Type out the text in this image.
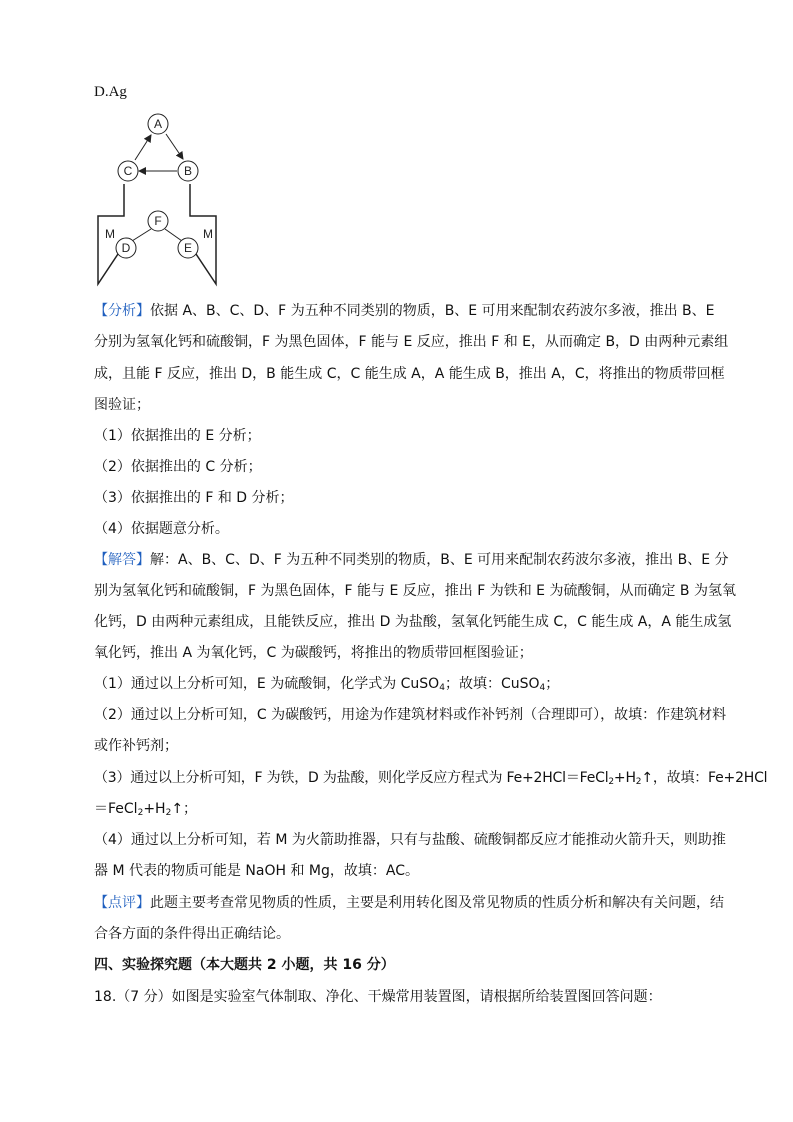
D.Ag
A
B
C
D	E
F
M	M
【分析】依据 A、B、C、D、F 为五种不同类别的物质，B、E 可用来配制农药波尔多液，推出 B、E
分别为氢氧化钙和硫酸铜，F 为黑色固体，F 能与 E 反应，推出 F 和 E，从而确定 B，D 由两种元素组
成，且能 F 反应，推出 D，B 能生成 C，C 能生成 A，A 能生成 B，推出 A，C，将推出的物质带回框
图验证；
（1）依据推出的 E 分析；
（2）依据推出的 C 分析；
（3）依据推出的 F 和 D 分析；
（4）依据题意分析。
【解答】解：A、B、C、D、F 为五种不同类别的物质，B、E 可用来配制农药波尔多液，推出 B、E 分
别为氢氧化钙和硫酸铜，F 为黑色固体，F 能与 E 反应，推出 F 为铁和 E 为硫酸铜，从而确定 B 为氢氧
化钙，D 由两种元素组成，且能铁反应，推出 D 为盐酸，氢氧化钙能生成 C，C 能生成 A，A 能生成氢
氧化钙，推出 A 为氧化钙，C 为碳酸钙，将推出的物质带回框图验证；
（1）通过以上分析可知，E 为硫酸铜，化学式为 CuSO$_4$；故填：CuSO$_4$；
（2）通过以上分析可知，C 为碳酸钙，用途为作建筑材料或作补钙剂（合理即可），故填：作建筑材料
或作补钙剂；
（3）通过以上分析可知，F 为铁，D 为盐酸，则化学反应方程式为 $Fe+2HCl=FeCl_2+H_2↑$，故填：Fe+2HCl
$=FeCl_2+H_2↑$；
（4）通过以上分析可知，若 M 为火箭助推器，只有与盐酸、硫酸铜都反应才能推动火箭升天，则助推
器 M 代表的物质可能是 NaOH 和 Mg，故填：AC。
【点评】此题主要考查常见物质的性质，主要是利用转化图及常见物质的性质分析和解决有关问题，结
合各方面的条件得出正确结论。
四、实验探究题（本大题共 2 小题，共 16 分）
18.（7 分）如图是实验室气体制取、净化、干燥常用装置图，请根据所给装置图回答问题：
